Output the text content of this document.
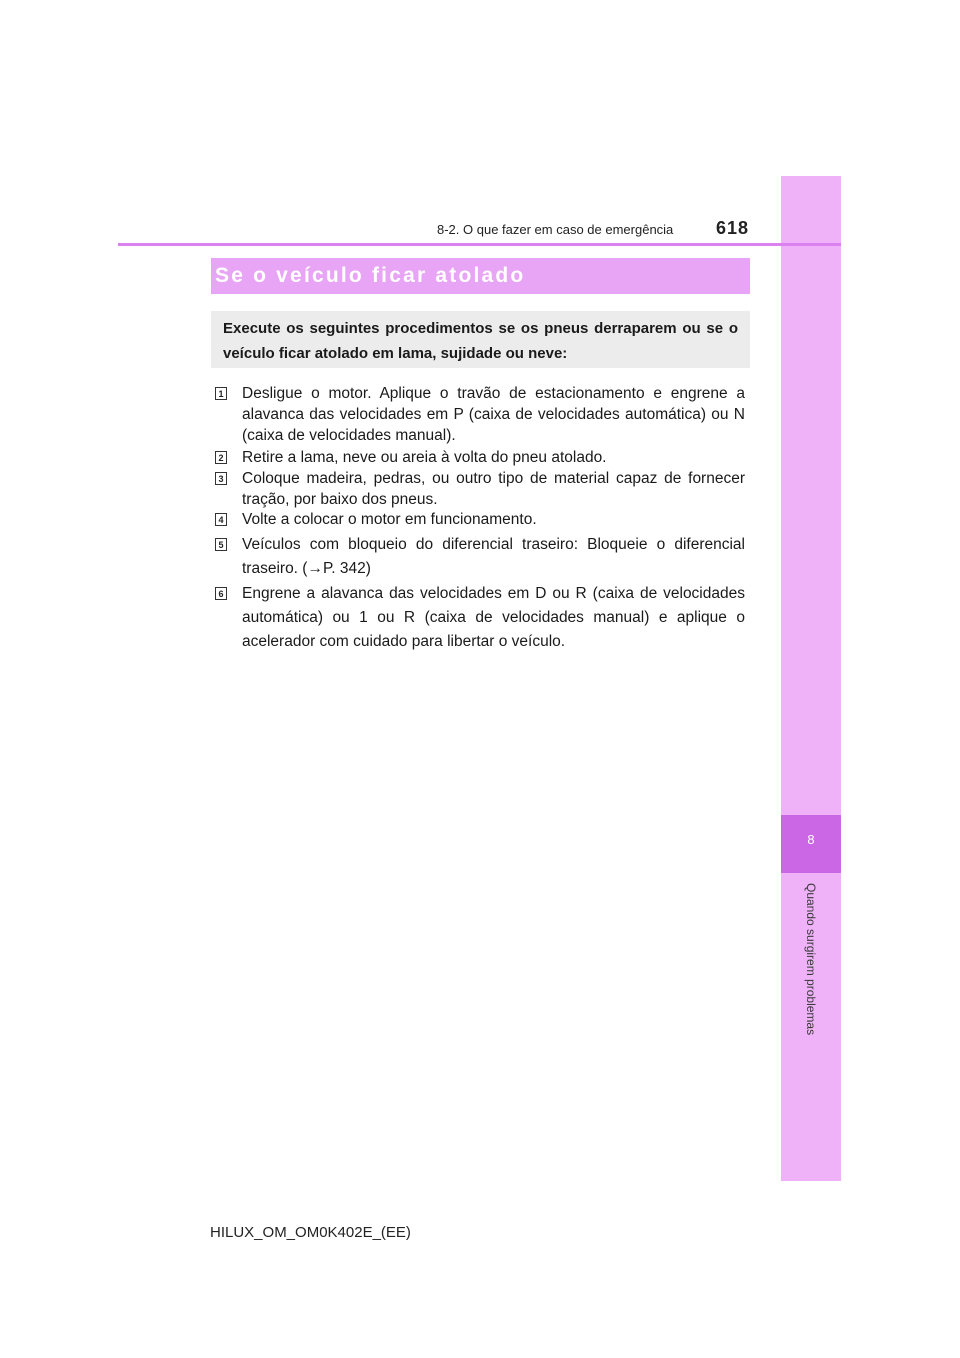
8
Quando surgirem problemas
8-2. O que fazer em caso de emergência 618
Se o veículo ficar atolado

Execute os seguintes procedimentos se os pneus derraparem ou se o veículo ficar atolado em lama, sujidade ou neve:

1 Desligue o motor. Aplique o travão de estacionamento e engrene a alavanca das velocidades em P (caixa de velocidades automática) ou N (caixa de velocidades manual).

2 Retire a lama, neve ou areia à volta do pneu atolado.

3 Coloque madeira, pedras, ou outro tipo de material capaz de fornecer tração, por baixo dos pneus.

4 Volte a colocar o motor em funcionamento.

5 Veículos com bloqueio do diferencial traseiro: Bloqueie o diferencial traseiro. (→P. 342)

6 Engrene a alavanca das velocidades em D ou R (caixa de velocidades automática) ou 1 ou R (caixa de velocidades manual) e aplique o acelerador com cuidado para libertar o veículo.

HILUX_OM_OM0K402E_(EE)
